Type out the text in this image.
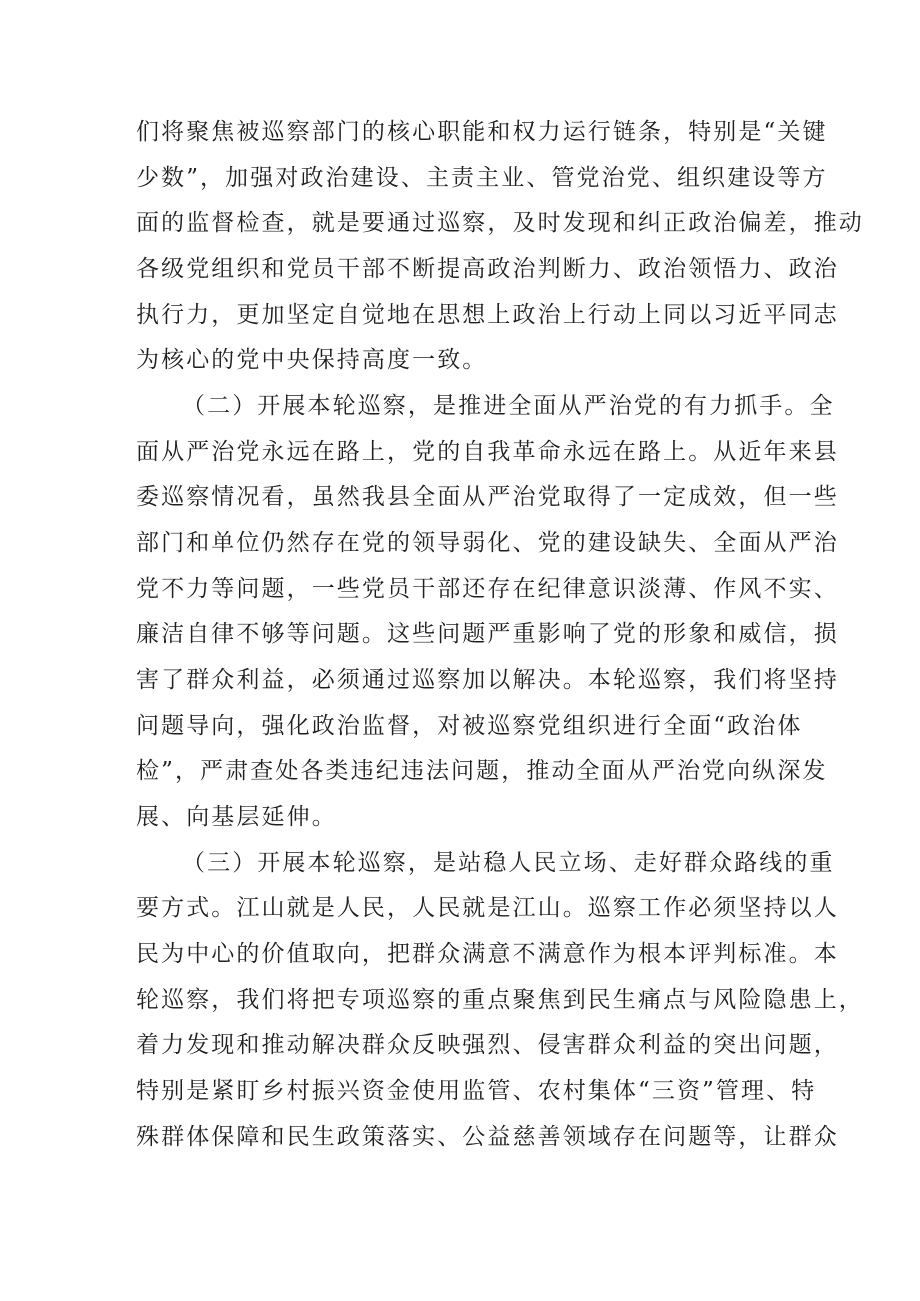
们将聚焦被巡察部门的核心职能和权力运行链条，特别是“关键
少数”，加强对政治建设、主责主业、管党治党、组织建设等方
面的监督检查，就是要通过巡察，及时发现和纠正政治偏差，推动
各级党组织和党员干部不断提高政治判断力、政治领悟力、政治
执行力，更加坚定自觉地在思想上政治上行动上同以习近平同志
为核心的党中央保持高度一致。
（二）开展本轮巡察，是推进全面从严治党的有力抓手。全
面从严治党永远在路上，党的自我革命永远在路上。从近年来县
委巡察情况看，虽然我县全面从严治党取得了一定成效，但一些
部门和单位仍然存在党的领导弱化、党的建设缺失、全面从严治
党不力等问题，一些党员干部还存在纪律意识淡薄、作风不实、
廉洁自律不够等问题。这些问题严重影响了党的形象和威信，损
害了群众利益，必须通过巡察加以解决。本轮巡察，我们将坚持
问题导向，强化政治监督，对被巡察党组织进行全面“政治体
检”，严肃查处各类违纪违法问题，推动全面从严治党向纵深发
展、向基层延伸。
（三）开展本轮巡察，是站稳人民立场、走好群众路线的重
要方式。江山就是人民，人民就是江山。巡察工作必须坚持以人
民为中心的价值取向，把群众满意不满意作为根本评判标准。本
轮巡察，我们将把专项巡察的重点聚焦到民生痛点与风险隐患上，
着力发现和推动解决群众反映强烈、侵害群众利益的突出问题，
特别是紧盯乡村振兴资金使用监管、农村集体“三资”管理、特
殊群体保障和民生政策落实、公益慈善领域存在问题等，让群众
